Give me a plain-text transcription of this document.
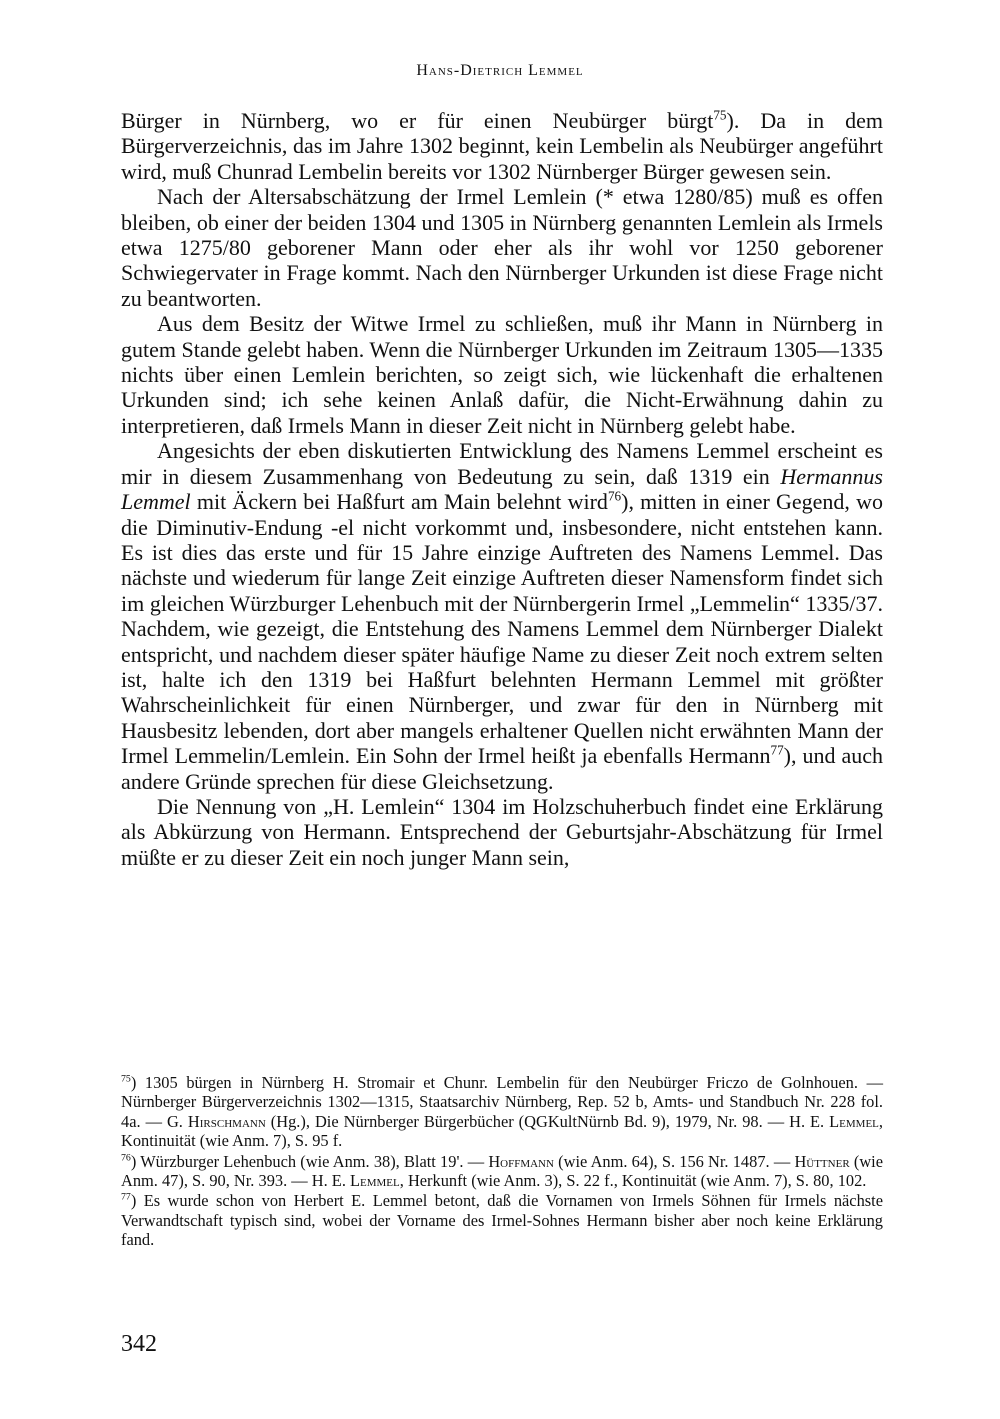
Hans-Dietrich Lemmel

Bürger in Nürnberg, wo er für einen Neubürger bürgt$^{75}$). Da in dem Bürgerverzeichnis, das im Jahre 1302 beginnt, kein Lembelin als Neubürger angeführt wird, muß Chunrad Lembelin bereits vor 1302 Nürnberger Bürger gewesen sein.

Nach der Altersabschätzung der Irmel Lemlein (* etwa 1280/85) muß es offen bleiben, ob einer der beiden 1304 und 1305 in Nürnberg genannten Lemlein als Irmels etwa 1275/80 geborener Mann oder eher als ihr wohl vor 1250 geborener Schwiegervater in Frage kommt. Nach den Nürnberger Urkunden ist diese Frage nicht zu beantworten.

Aus dem Besitz der Witwe Irmel zu schließen, muß ihr Mann in Nürnberg in gutem Stande gelebt haben. Wenn die Nürnberger Urkunden im Zeitraum 1305—1335 nichts über einen Lemlein berichten, so zeigt sich, wie lückenhaft die erhaltenen Urkunden sind; ich sehe keinen Anlaß dafür, die Nicht-Erwähnung dahin zu interpretieren, daß Irmels Mann in dieser Zeit nicht in Nürnberg gelebt habe.

Angesichts der eben diskutierten Entwicklung des Namens Lemmel erscheint es mir in diesem Zusammenhang von Bedeutung zu sein, daß 1319 ein Hermannus Lemmel mit Äckern bei Haßfurt am Main belehnt wird$^{76}$), mitten in einer Gegend, wo die Diminutiv-Endung -el nicht vorkommt und, insbesondere, nicht entstehen kann. Es ist dies das erste und für 15 Jahre einzige Auftreten des Namens Lemmel. Das nächste und wiederum für lange Zeit einzige Auftreten dieser Namensform findet sich im gleichen Würzburger Lehenbuch mit der Nürnbergerin Irmel „Lemmelin“ 1335/37. Nachdem, wie gezeigt, die Entstehung des Namens Lemmel dem Nürnberger Dialekt entspricht, und nachdem dieser später häufige Name zu dieser Zeit noch extrem selten ist, halte ich den 1319 bei Haßfurt belehnten Hermann Lemmel mit größter Wahrscheinlichkeit für einen Nürnberger, und zwar für den in Nürnberg mit Hausbesitz lebenden, dort aber mangels erhaltener Quellen nicht erwähnten Mann der Irmel Lemmelin/Lemlein. Ein Sohn der Irmel heißt ja ebenfalls Hermann$^{77}$), und auch andere Gründe sprechen für diese Gleichsetzung.

Die Nennung von „H. Lemlein“ 1304 im Holzschuherbuch findet eine Erklärung als Abkürzung von Hermann. Entsprechend der Geburtsjahr-Abschätzung für Irmel müßte er zu dieser Zeit ein noch junger Mann sein,

$^{75}$) 1305 bürgen in Nürnberg H. Stromair et Chunr. Lembelin für den Neubürger Friczo de Golnhouen. — Nürnberger Bürgerverzeichnis 1302—1315, Staatsarchiv Nürnberg, Rep. 52 b, Amts- und Standbuch Nr. 228 fol. 4a. — G. Hirschmann (Hg.), Die Nürnberger Bürgerbücher (QGKultNürnb Bd. 9), 1979, Nr. 98. — H. E. Lemmel, Kontinuität (wie Anm. 7), S. 95 f.

$^{76}$) Würzburger Lehenbuch (wie Anm. 38), Blatt 19'. — Hoffmann (wie Anm. 64), S. 156 Nr. 1487. — Hüttner (wie Anm. 47), S. 90, Nr. 393. — H. E. Lemmel, Herkunft (wie Anm. 3), S. 22 f., Kontinuität (wie Anm. 7), S. 80, 102.

$^{77}$) Es wurde schon von Herbert E. Lemmel betont, daß die Vornamen von Irmels Söhnen für Irmels nächste Verwandtschaft typisch sind, wobei der Vorname des Irmel-Sohnes Hermann bisher aber noch keine Erklärung fand.

342
